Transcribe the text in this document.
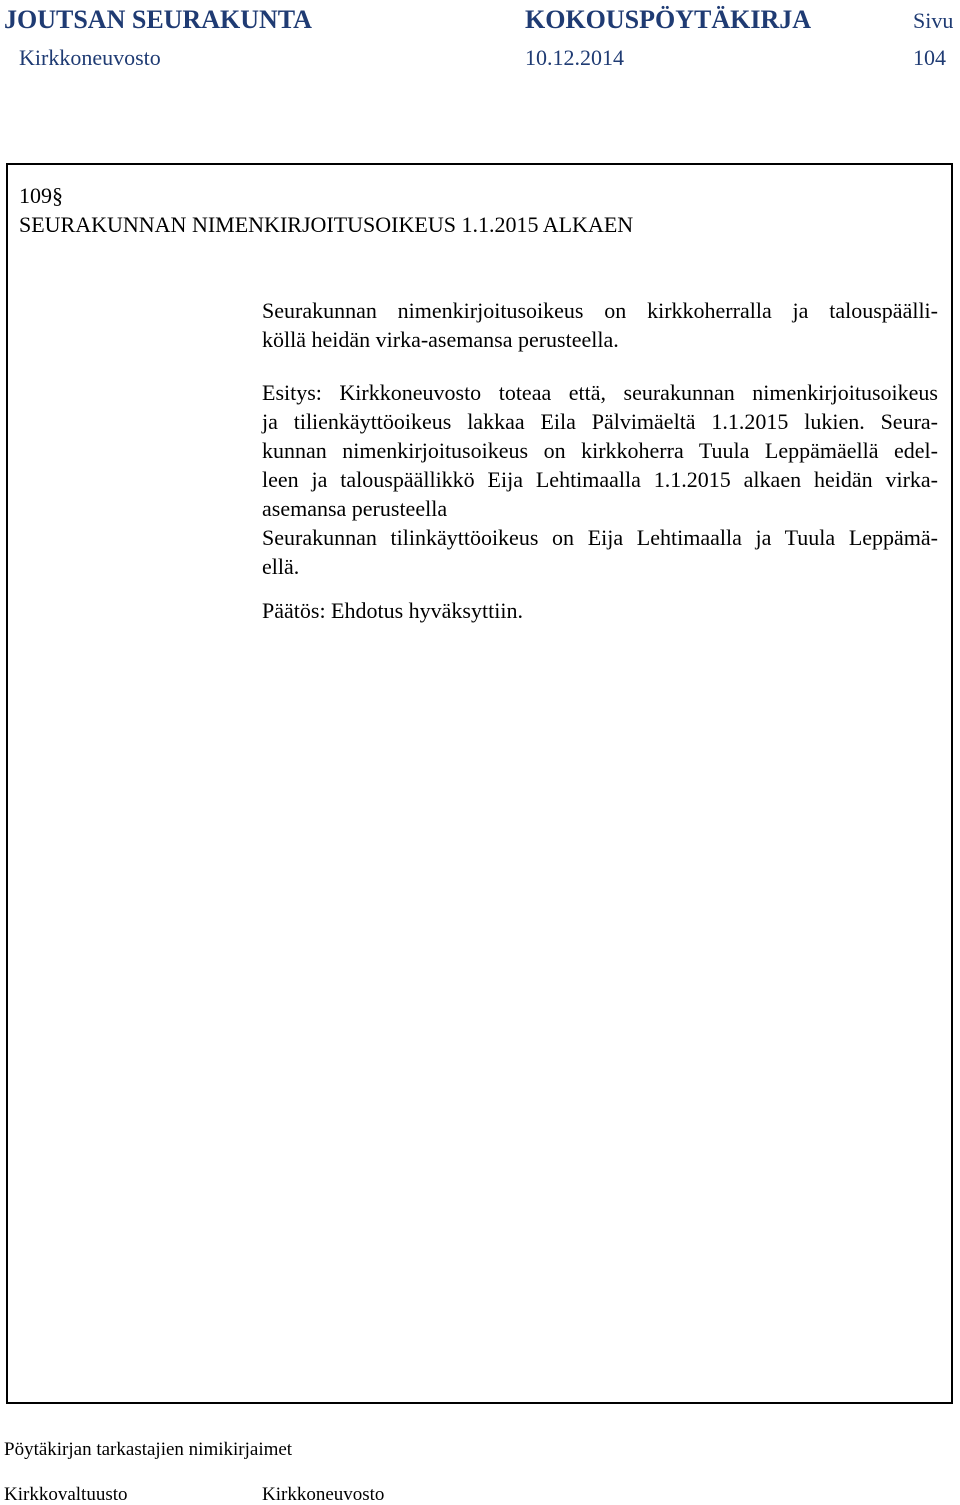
JOUTSAN SEURAKUNTA	KOKOUSPÖYTÄKIRJA	Sivu
Kirkkoneuvosto	10.12.2014	104
109§
SEURAKUNNAN NIMENKIRJOITUSOIKEUS 1.1.2015 ALKAEN
Seurakunnan nimenkirjoitusoikeus on kirkkoherralla ja talouspäälli-
köllä heidän virka-asemansa perusteella.
Esitys: Kirkkoneuvosto toteaa että, seurakunnan nimenkirjoitusoikeus
ja tilienkäyttöoikeus lakkaa Eila Pälvimäeltä 1.1.2015 lukien. Seura-
kunnan nimenkirjoitusoikeus on kirkkoherra Tuula Leppämäellä edel-
leen ja talouspäällikkö Eija Lehtimaalla 1.1.2015 alkaen heidän virka-
asemansa perusteella
Seurakunnan tilinkäyttöoikeus on Eija Lehtimaalla ja Tuula Leppämä-
ellä.
Päätös: Ehdotus hyväksyttiin.
Pöytäkirjan tarkastajien nimikirjaimet
Kirkkovaltuusto	Kirkkoneuvosto
